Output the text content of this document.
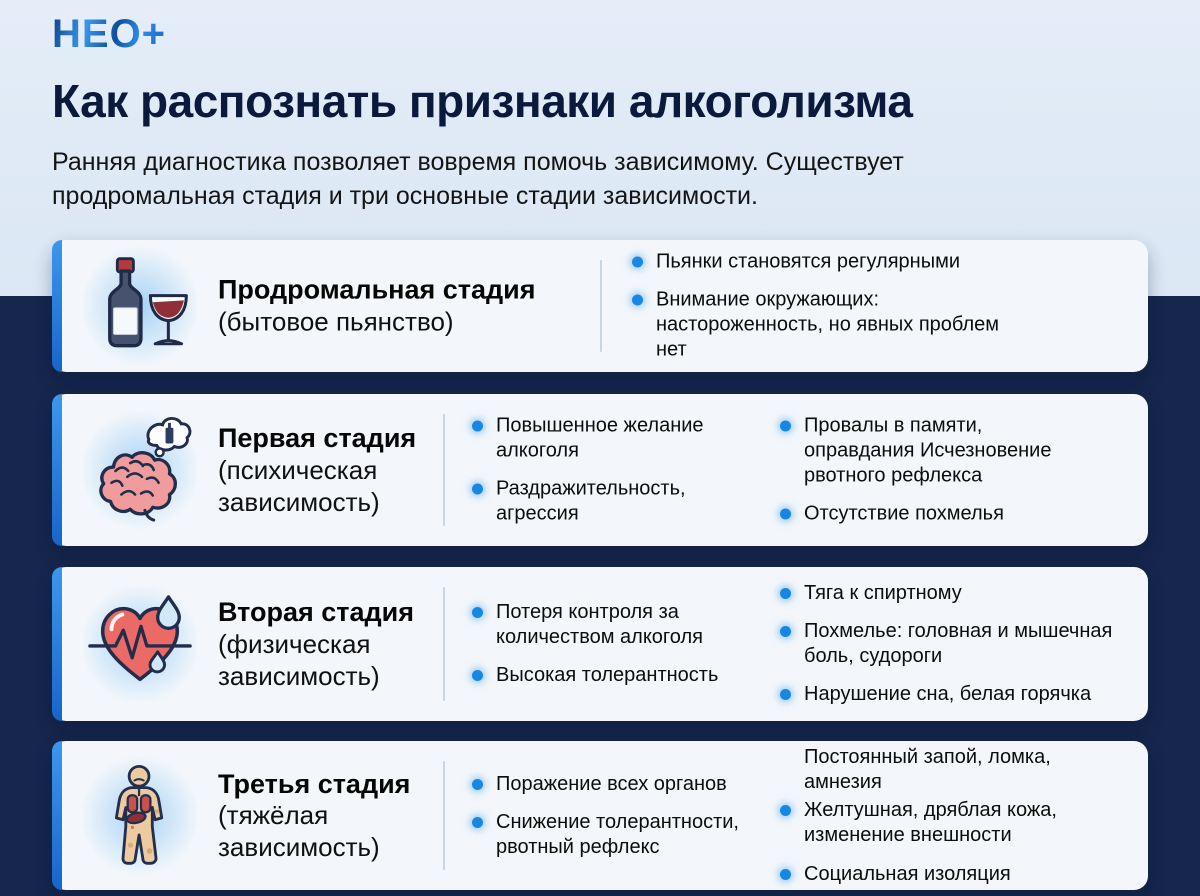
НЕО+
Как распознать признаки алкоголизма

Ранняя диагностика позволяет вовремя помочь зависимому. Существует
продромальная стадия и три основные стадии зависимости.

Продромальная стадия
(бытовое пьянство)
Пьянки становятся регулярными
Внимание окружающих: настороженность, но явных проблем нет
Первая стадия
(психическая зависимость)
Повышенное желание алкоголя
Раздражительность, агрессия
Провалы в памяти, оправдания Исчезновение рвотного рефлекса
Отсутствие похмелья
Вторая стадия
(физическая зависимость)
Потеря контроля за количеством алкоголя
Высокая толерантность
Тяга к спиртному
Похмелье: головная и мышечная боль, судороги
Нарушение сна, белая горячка
Третья стадия
(тяжёлая зависимость)
Поражение всех органов
Снижение толерантности, рвотный рефлекс
Постоянный запой, ломка, амнезия
Желтушная, дряблая кожа, изменение внешности
Социальная изоляция
